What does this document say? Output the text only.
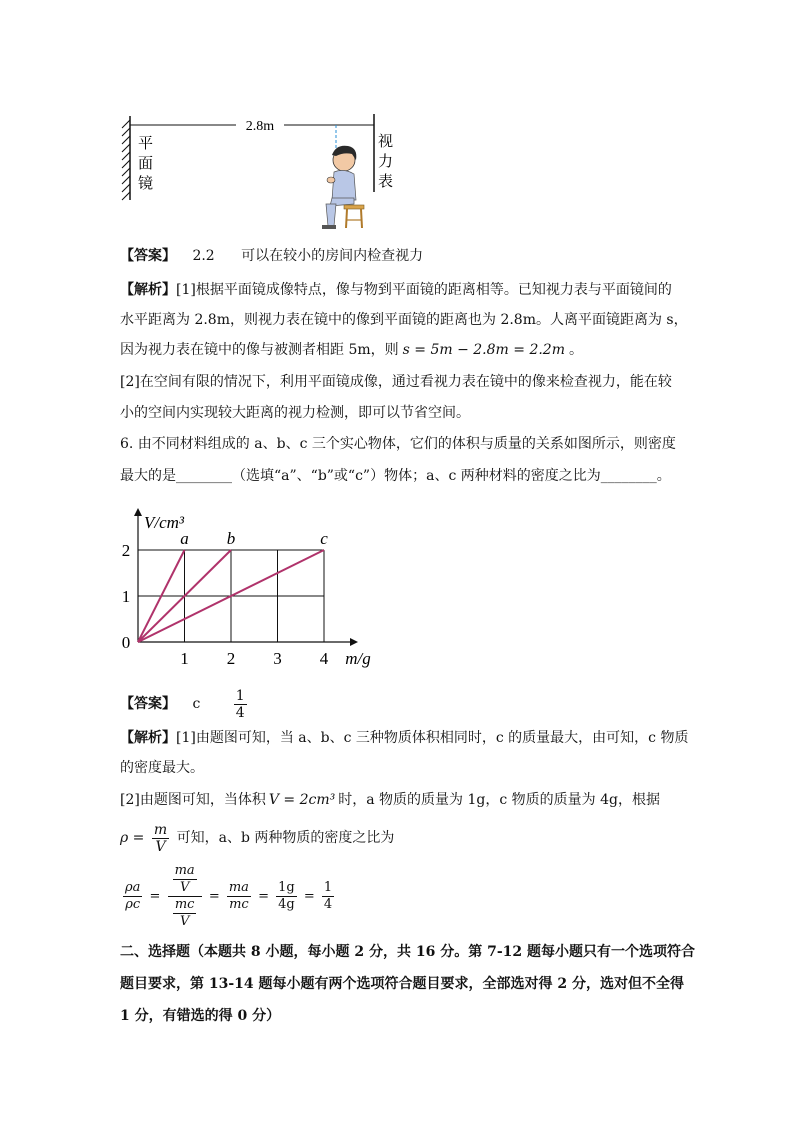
2.8m
平
面
镜
视
力
表
【答案】 2.2 可以在较小的房间内检查视力
【解析】[1]根据平面镜成像特点，像与物到平面镜的距离相等。已知视力表与平面镜间的
水平距离为 2.8m，则视力表在镜中的像到平面镜的距离也为 2.8m。人离平面镜距离为 s，
因为视力表在镜中的像与被测者相距 5m，则 s = 5m − 2.8m = 2.2m 。
[2]在空间有限的情况下，利用平面镜成像，通过看视力表在镜中的像来检查视力，能在较
小的空间内实现较大距离的视力检测，即可以节省空间。
6. 由不同材料组成的 a、b、c 三个实心物体，它们的体积与质量的关系如图所示，则密度
最大的是________（选填“a”、“b”或“c”）物体；a、c 两种材料的密度之比为________。
a b	c
1 2 3 4
0
1
2
m/g
V/cm³
【答案】 c $\frac{1}{4}$
【解析】[1]由题图可知，当 a、b、c 三种物质体积相同时，c 的质量最大，由可知，c 物质
的密度最大。
[2]由题图可知，当体积 V = 2cm³ 时，a 物质的质量为 1g，c 物质的质量为 4g，根据
$\rho = \frac{m}{V}$ 可知，a、b 两种物质的密度之比为
$\frac{\rho a}{\rho c} = \frac{\frac{ma}{V}}{\frac{mc}{V}} = \frac{ma}{mc} = \frac{1g}{4g} = \frac{1}{4}$
二、选择题（本题共 8 小题，每小题 2 分，共 16 分。第 7-12 题每小题只有一个选项符合
题目要求，第 13-14 题每小题有两个选项符合题目要求，全部选对得 2 分，选对但不全得
1 分，有错选的得 0 分）
